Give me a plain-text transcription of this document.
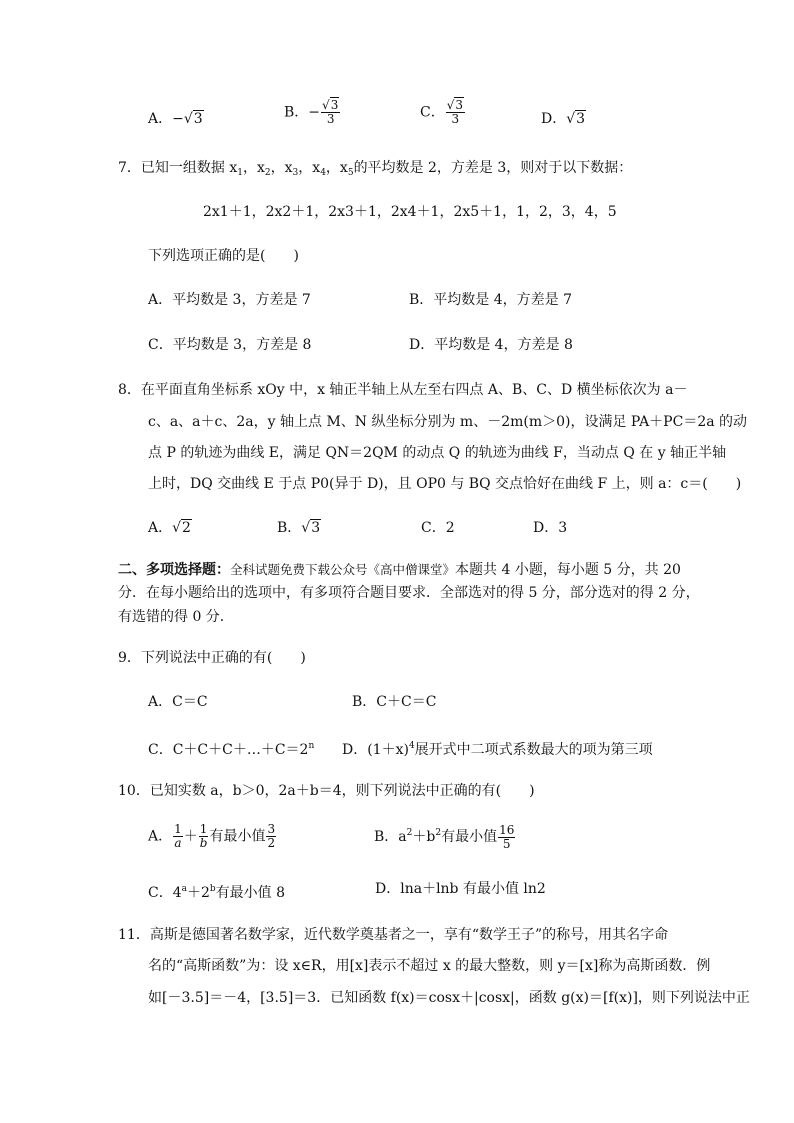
A．−√3	B．− $\frac{√3}{3}$	C． $\frac{√3}{3}$	D．√3
7．已知一组数据 $x_1$，$x_2$，$x_3$，$x_4$，$x_5$的平均数是 2，方差是 3，则对于以下数据：
2x1＋1，2x2＋1，2x3＋1，2x4＋1，2x5＋1，1，2，3，4，5
下列选项正确的是(　　)
A．平均数是 3，方差是 7	B．平均数是 4，方差是 7
C．平均数是 3，方差是 8	D．平均数是 4，方差是 8
8．在平面直角坐标系 xOy 中，x 轴正半轴上从左至右四点 A、B、C、D 横坐标依次为 a－
c、a、a＋c、2a，y 轴上点 M、N 纵坐标分别为 m、－2m(m＞0)，设满足 PA＋PC＝2a 的动
点 P 的轨迹为曲线 E，满足 QN＝2QM 的动点 Q 的轨迹为曲线 F，当动点 Q 在 y 轴正半轴
上时，DQ 交曲线 E 于点 P0(异于 D)，且 OP0 与 BQ 交点恰好在曲线 F 上，则 a：c＝(　　)
A．√2	B．√3	C．2	D．3
二、多项选择题：全科试题免费下载公众号《高中僧课堂》本题共 4 小题，每小题 5 分，共 20
分．在每小题给出的选项中，有多项符合题目要求．全部选对的得 5 分，部分选对的得 2 分，
有选错的得 0 分．
9．下列说法中正确的有(　　)
A．C＝C	B．C＋C＝C
C．$C+C+C+\dots+C=2^n$ D．$(1+x)^4$展开式中二项式系数最大的项为第三项
10．已知实数 a，b＞0，2a＋b＝4，则下列说法中正确的有(　　)
A． $\frac{1}{a} + \frac{1}{b}$ 有最小值 $\frac{3}{2}$	B．$a^2+b^2$有最小值 $\frac{16}{5}$
C．$4^a+2^b$有最小值 8	D．lna＋lnb 有最小值 ln2
11．高斯是德国著名数学家，近代数学奠基者之一，享有“数学王子”的称号，用其名字命
名的“高斯函数”为：设 x∈R，用[x]表示不超过 x 的最大整数，则 y＝[x]称为高斯函数．例
如[－3.5]＝－4，[3.5]＝3．已知函数 f(x)＝cosx＋|cosx|，函数 g(x)＝[f(x)]，则下列说法中正
